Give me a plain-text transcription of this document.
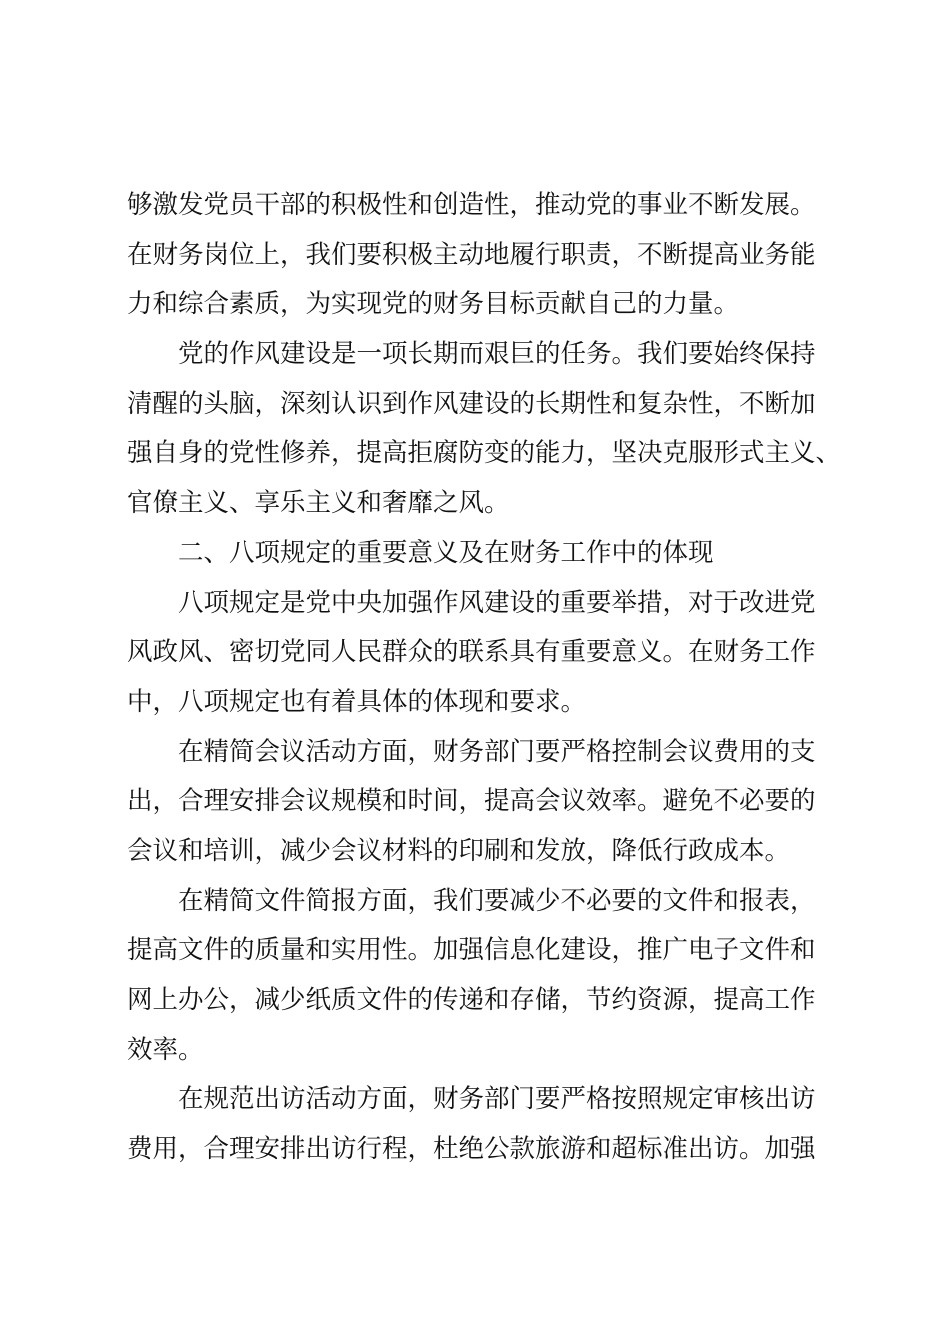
够激发党员干部的积极性和创造性，推动党的事业不断发展。
在财务岗位上，我们要积极主动地履行职责，不断提高业务能
力和综合素质，为实现党的财务目标贡献自己的力量。
党的作风建设是一项长期而艰巨的任务。我们要始终保持
清醒的头脑，深刻认识到作风建设的长期性和复杂性，不断加
强自身的党性修养，提高拒腐防变的能力，坚决克服形式主义、
官僚主义、享乐主义和奢靡之风。
二、八项规定的重要意义及在财务工作中的体现
八项规定是党中央加强作风建设的重要举措，对于改进党
风政风、密切党同人民群众的联系具有重要意义。在财务工作
中，八项规定也有着具体的体现和要求。
在精简会议活动方面，财务部门要严格控制会议费用的支
出，合理安排会议规模和时间，提高会议效率。避免不必要的
会议和培训，减少会议材料的印刷和发放，降低行政成本。
在精简文件简报方面，我们要减少不必要的文件和报表，
提高文件的质量和实用性。加强信息化建设，推广电子文件和
网上办公，减少纸质文件的传递和存储，节约资源，提高工作
效率。
在规范出访活动方面，财务部门要严格按照规定审核出访
费用，合理安排出访行程，杜绝公款旅游和超标准出访。加强
